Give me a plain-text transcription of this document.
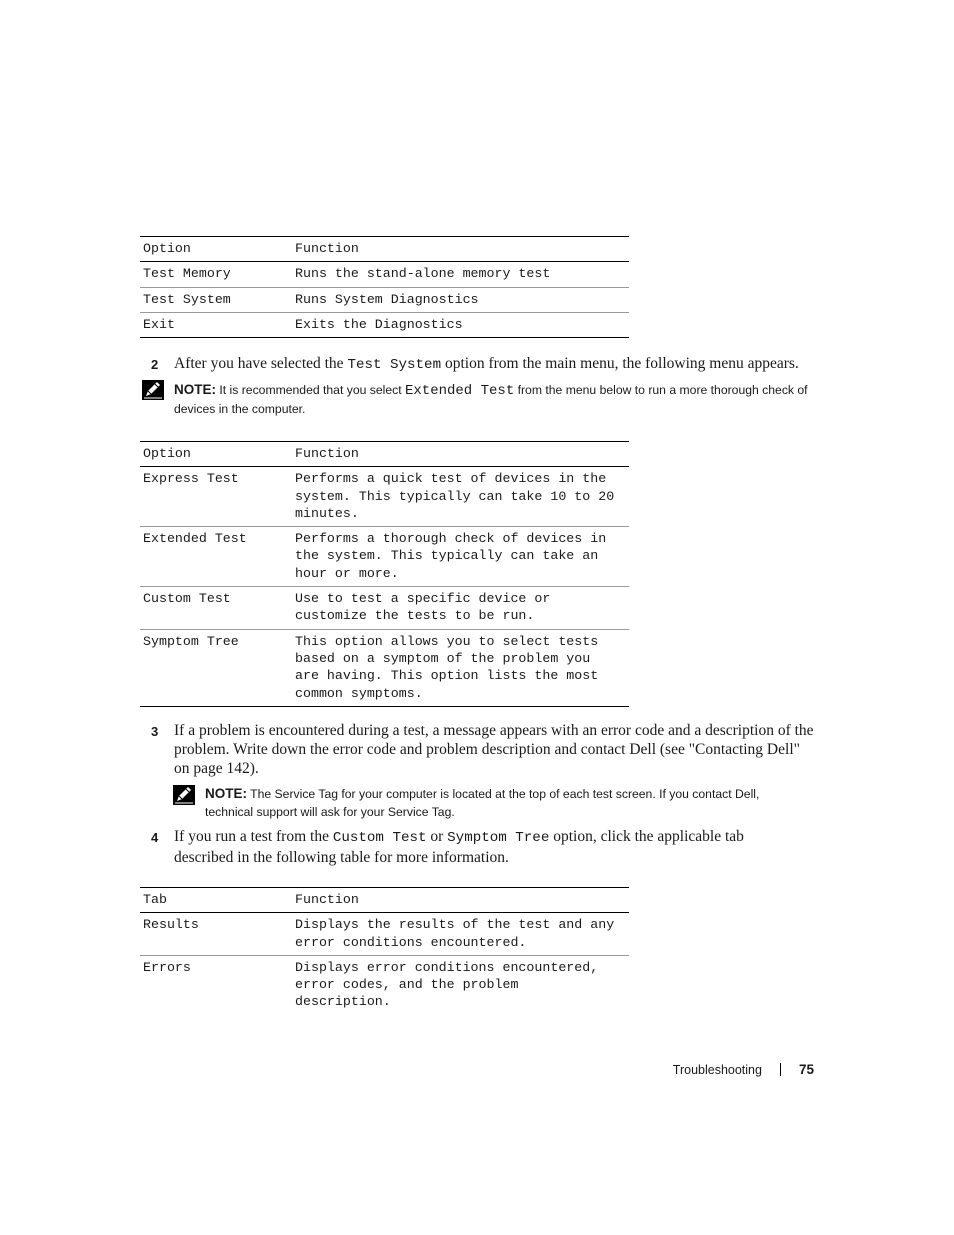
Option	Function
Test Memory	Runs the stand-alone memory test
Test System	Runs System Diagnostics
Exit	Exits the Diagnostics
2 After you have selected the Test System option from the main menu, the following menu appears.
NOTE: It is recommended that you select Extended Test from the menu below to run a more thorough check of devices in the computer.
Option	Function
Express Test	Performs a quick test of devices in the system. This typically can take 10 to 20 minutes.
Extended Test	Performs a thorough check of devices in the system. This typically can take an hour or more.
Custom Test	Use to test a specific device or customize the tests to be run.
Symptom Tree	This option allows you to select tests based on a symptom of the problem you are having. This option lists the most common symptoms.
3 If a problem is encountered during a test, a message appears with an error code and a description of the problem. Write down the error code and problem description and contact Dell (see "Contacting Dell" on page 142).
NOTE: The Service Tag for your computer is located at the top of each test screen. If you contact Dell, technical support will ask for your Service Tag.
4 If you run a test from the Custom Test or Symptom Tree option, click the applicable tab described in the following table for more information.
Tab	Function
Results	Displays the results of the test and any error conditions encountered.
Errors	Displays error conditions encountered, error codes, and the problem description.
Troubleshooting	75
